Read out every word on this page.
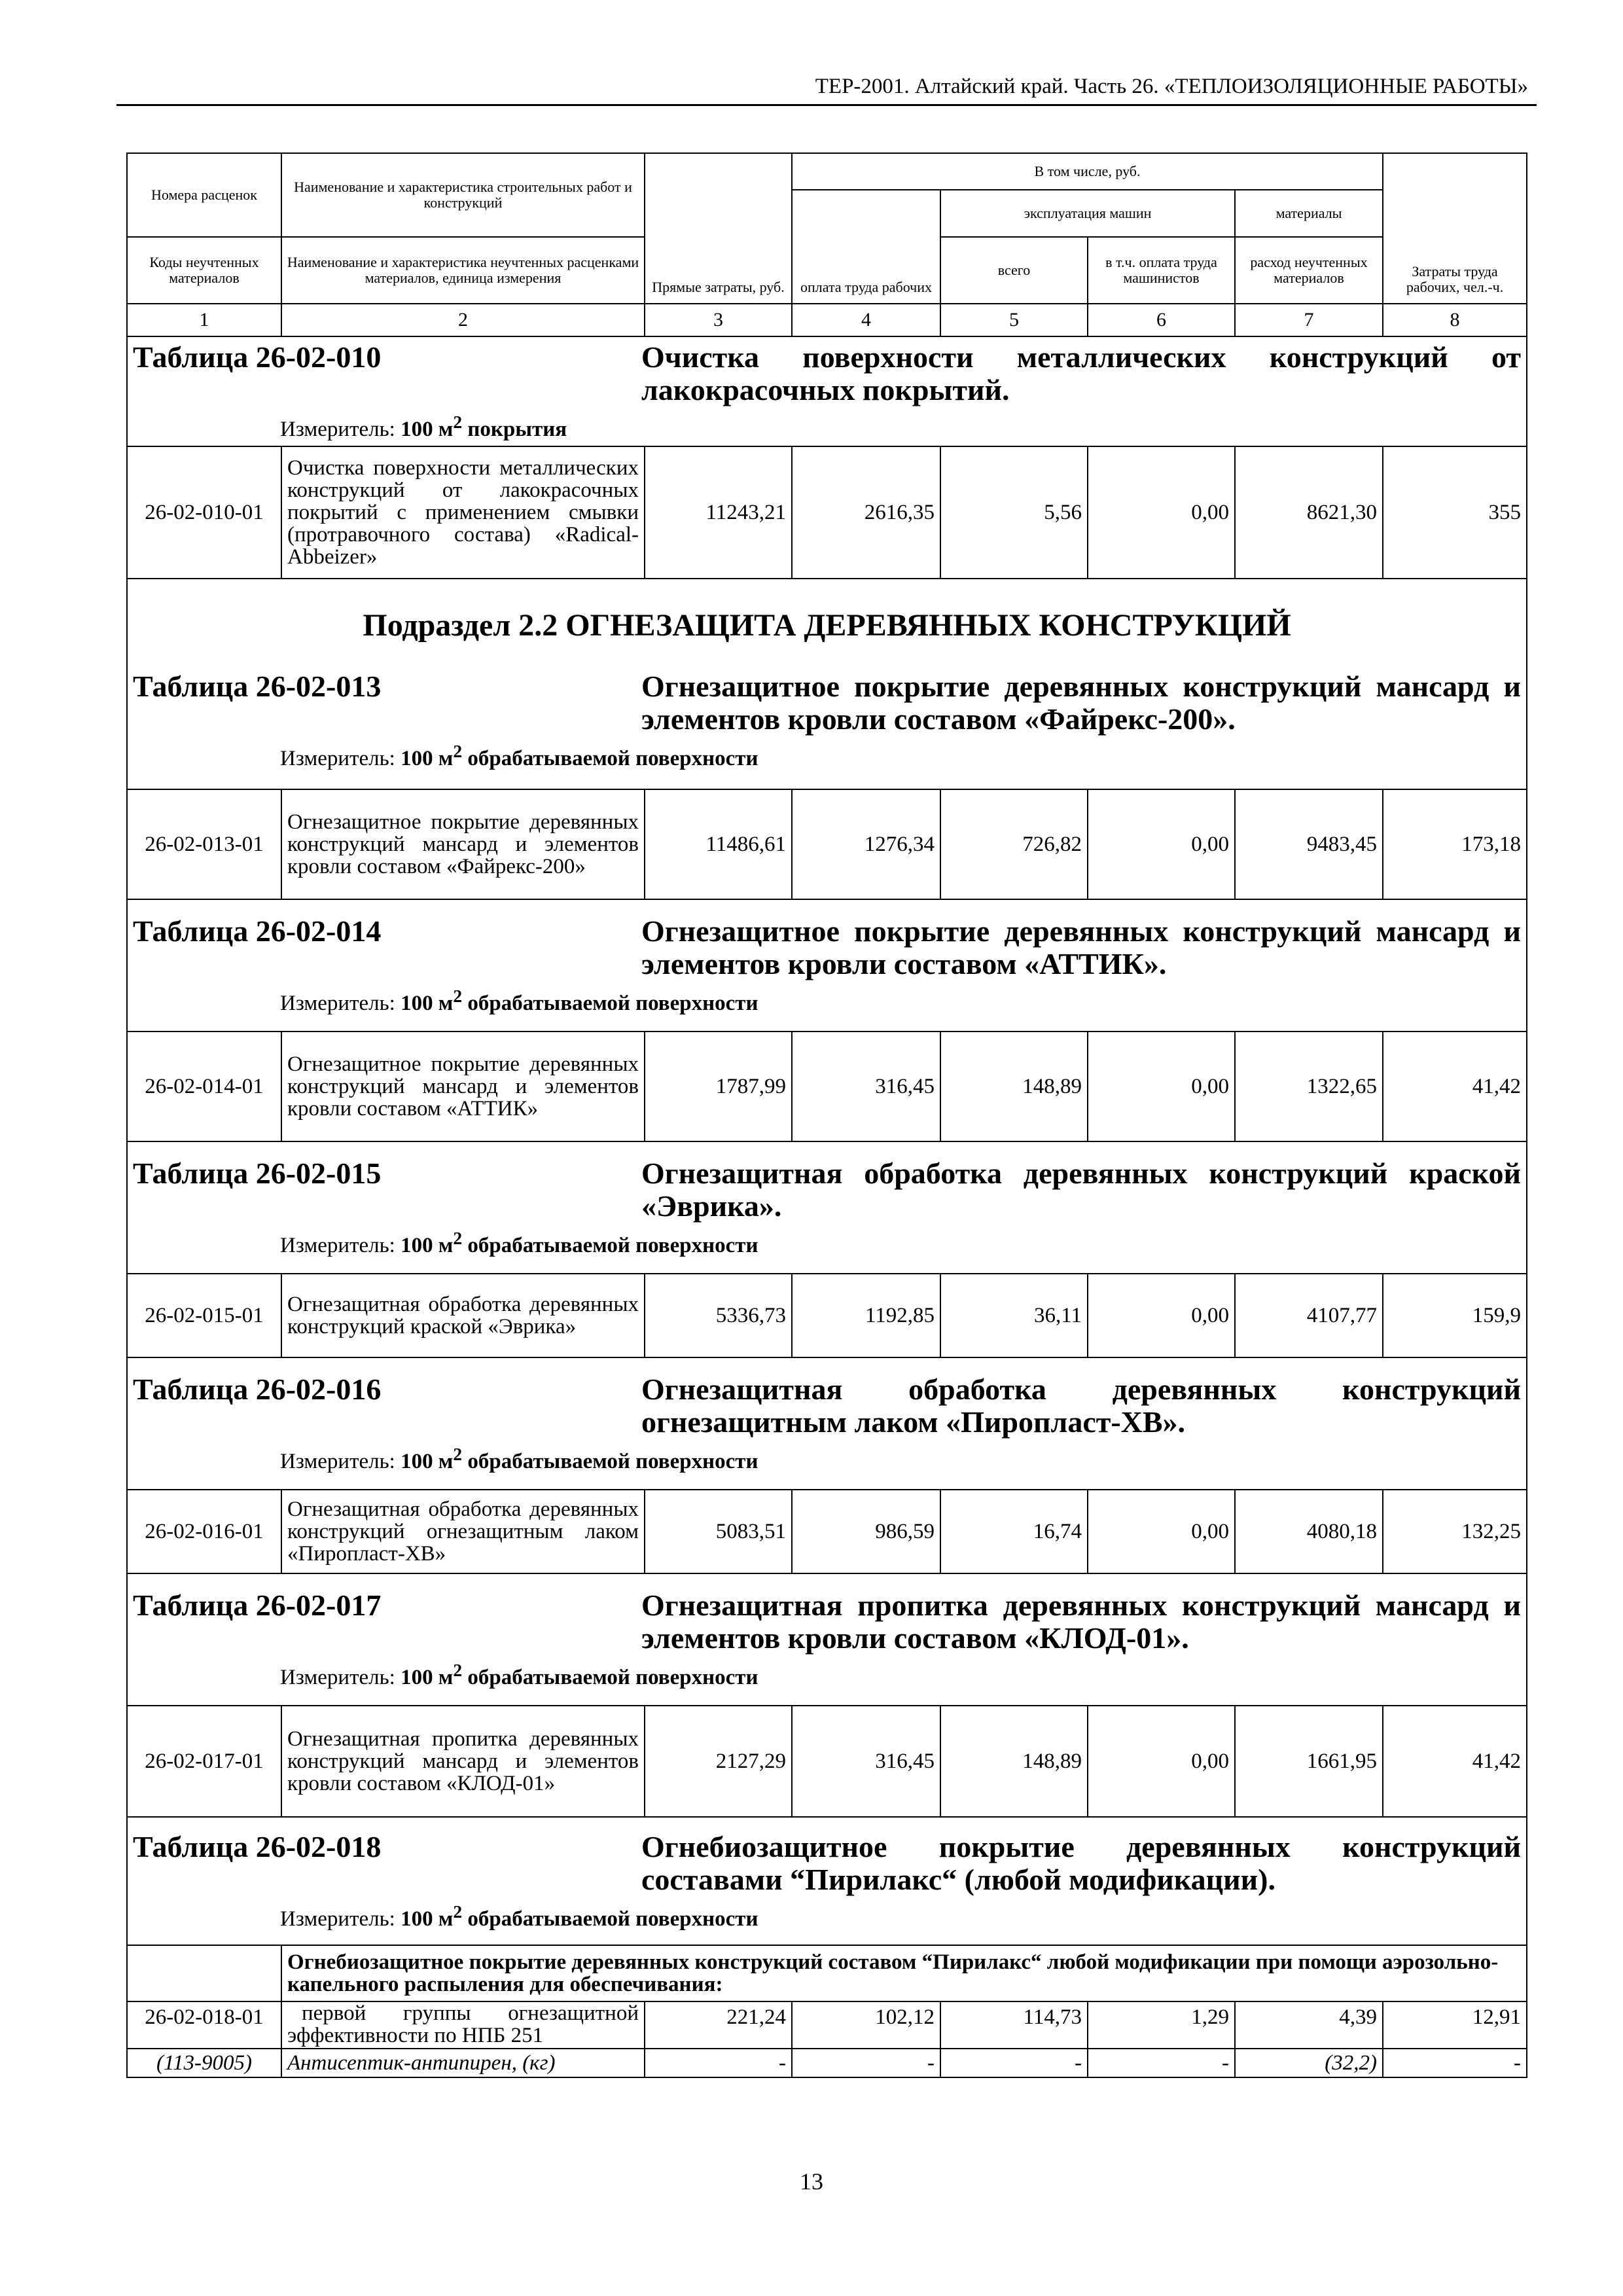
ТЕР-2001. Алтайский край. Часть 26. «ТЕПЛОИЗОЛЯЦИОННЫЕ РАБОТЫ»
Номера расценок	Наименование и характеристика строительных работ и конструкций	Прямые затраты, руб.	В том числе, руб.				Затраты труда рабочих, чел.-ч.
			оплата труда рабочих	эксплуатация машин		материалы	
Коды неучтенных материалов	Наименование и характеристика неучтенных расценками материалов, единица измерения			всего	в т.ч. оплата труда машинистов	расход неучтенных материалов	
1	2	3	4	5	6	7	8

Таблица 26-02-010 Очистка поверхности металлических конструкций от лакокрасочных покрытий.
Измеритель: 100 $м^2$ покрытия							

26-02-010-01	Очистка поверхности металлических конструкций от лакокрасочных покрытий с применением смывки (протравочного состава) «Radical-Abbeizer»	11243,21	2616,35	5,56	0,00	8621,30	355

Подраздел 2.2 ОГНЕЗАЩИТА ДЕРЕВЯННЫХ КОНСТРУКЦИЙ
Таблица 26-02-013 Огнезащитное покрытие деревянных конструкций мансард и элементов кровли составом «Файрекс-200».
Измеритель: 100 $м^2$ обрабатываемой поверхности							

26-02-013-01	Огнезащитное покрытие деревянных конструкций мансард и элементов кровли составом «Файрекс-200»	11486,61	1276,34	726,82	0,00	9483,45	173,18

Таблица 26-02-014 Огнезащитное покрытие деревянных конструкций мансард и элементов кровли составом «АТТИК».
Измеритель: 100 $м^2$ обрабатываемой поверхности							

26-02-014-01	Огнезащитное покрытие деревянных конструкций мансард и элементов кровли составом «АТТИК»	1787,99	316,45	148,89	0,00	1322,65	41,42

Таблица 26-02-015 Огнезащитная обработка деревянных конструкций краской «Эврика».
Измеритель: 100 $м^2$ обрабатываемой поверхности							

26-02-015-01	Огнезащитная обработка деревянных конструкций краской «Эврика»	5336,73	1192,85	36,11	0,00	4107,77	159,9

Таблица 26-02-016 Огнезащитная обработка деревянных конструкций огнезащитным лаком «Пиропласт-ХВ».
Измеритель: 100 $м^2$ обрабатываемой поверхности							

26-02-016-01	Огнезащитная обработка деревянных конструкций огнезащитным лаком «Пиропласт-ХВ»	5083,51	986,59	16,74	0,00	4080,18	132,25

Таблица 26-02-017 Огнезащитная пропитка деревянных конструкций мансард и элементов кровли составом «КЛОД-01».
Измеритель: 100 $м^2$ обрабатываемой поверхности							

26-02-017-01	Огнезащитная пропитка деревянных конструкций мансард и элементов кровли составом «КЛОД-01»	2127,29	316,45	148,89	0,00	1661,95	41,42

Таблица 26-02-018 Огнебиозащитное покрытие деревянных конструкций составами “Пирилакс“ (любой модификации).
Измеритель: 100 $м^2$ обрабатываемой поверхности							

	Огнебиозащитное покрытие деревянных конструкций составом “Пирилакс“ любой модификации при помощи аэрозольно-капельного распыления для обеспечивания:						
26-02-018-01	первой группы огнезащитной эффективности по НПБ 251	221,24	102,12	114,73	1,29	4,39	12,91
(113-9005)	Антисептик-антипирен, (кг)	-	-	-	-	(32,2)	-
13
